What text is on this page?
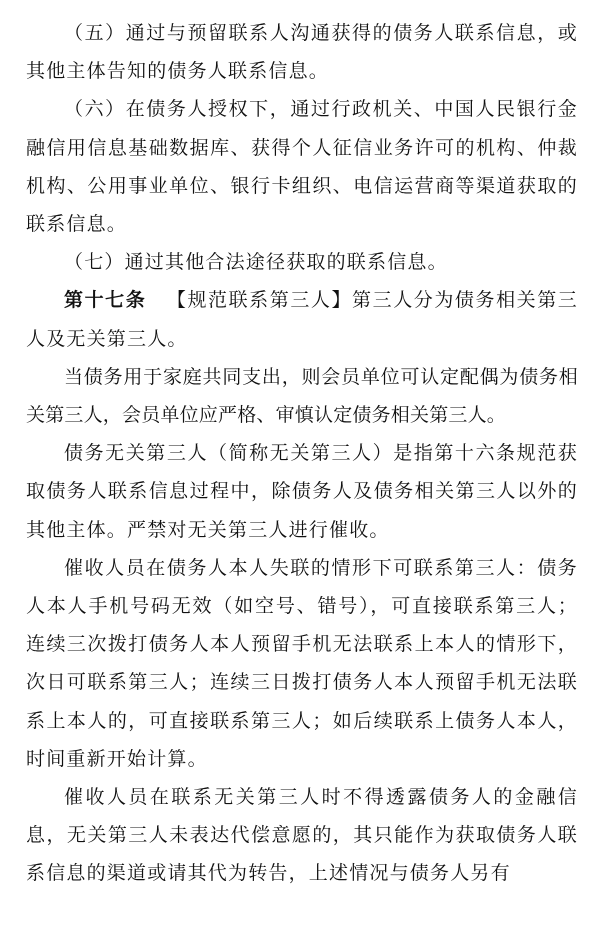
（五）通过与预留联系人沟通获得的债务人联系信息，或其他主体告知的债务人联系信息。

（六）在债务人授权下，通过行政机关、中国人民银行金融信用信息基础数据库、获得个人征信业务许可的机构、仲裁机构、公用事业单位、银行卡组织、电信运营商等渠道获取的联系信息。

（七）通过其他合法途径获取的联系信息。

第十七条  【规范联系第三人】第三人分为债务相关第三人及无关第三人。

当债务用于家庭共同支出，则会员单位可认定配偶为债务相关第三人，会员单位应严格、审慎认定债务相关第三人。

债务无关第三人（简称无关第三人）是指第十六条规范获取债务人联系信息过程中，除债务人及债务相关第三人以外的其他主体。严禁对无关第三人进行催收。

催收人员在债务人本人失联的情形下可联系第三人：债务人本人手机号码无效（如空号、错号），可直接联系第三人；连续三次拨打债务人本人预留手机无法联系上本人的情形下，次日可联系第三人；连续三日拨打债务人本人预留手机无法联系上本人的，可直接联系第三人；如后续联系上债务人本人，时间重新开始计算。

催收人员在联系无关第三人时不得透露债务人的金融信息，无关第三人未表达代偿意愿的，其只能作为获取债务人联系信息的渠道或请其代为转告，上述情况与债务人另有
